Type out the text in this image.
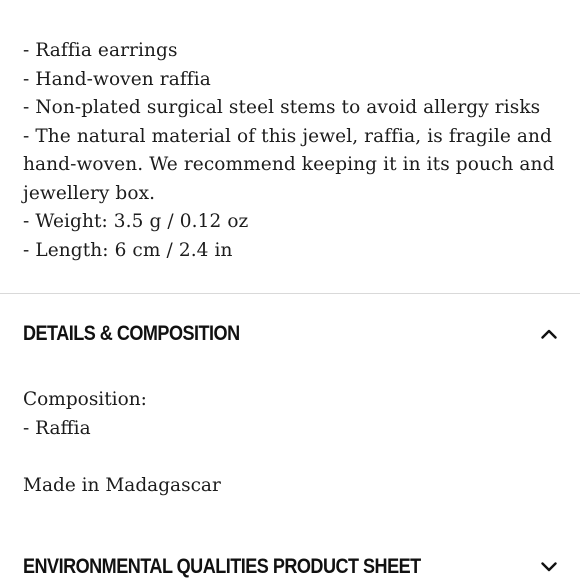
- Raffia earrings
- Hand-woven raffia
- Non-plated surgical steel stems to avoid allergy risks
- The natural material of this jewel, raffia, is fragile and
hand-woven. We recommend keeping it in its pouch and
jewellery box.
- Weight: 3.5 g / 0.12 oz
- Length: 6 cm / 2.4 in
DETAILS & COMPOSITION
Composition:
- Raffia
Made in Madagascar
ENVIRONMENTAL QUALITIES PRODUCT SHEET
